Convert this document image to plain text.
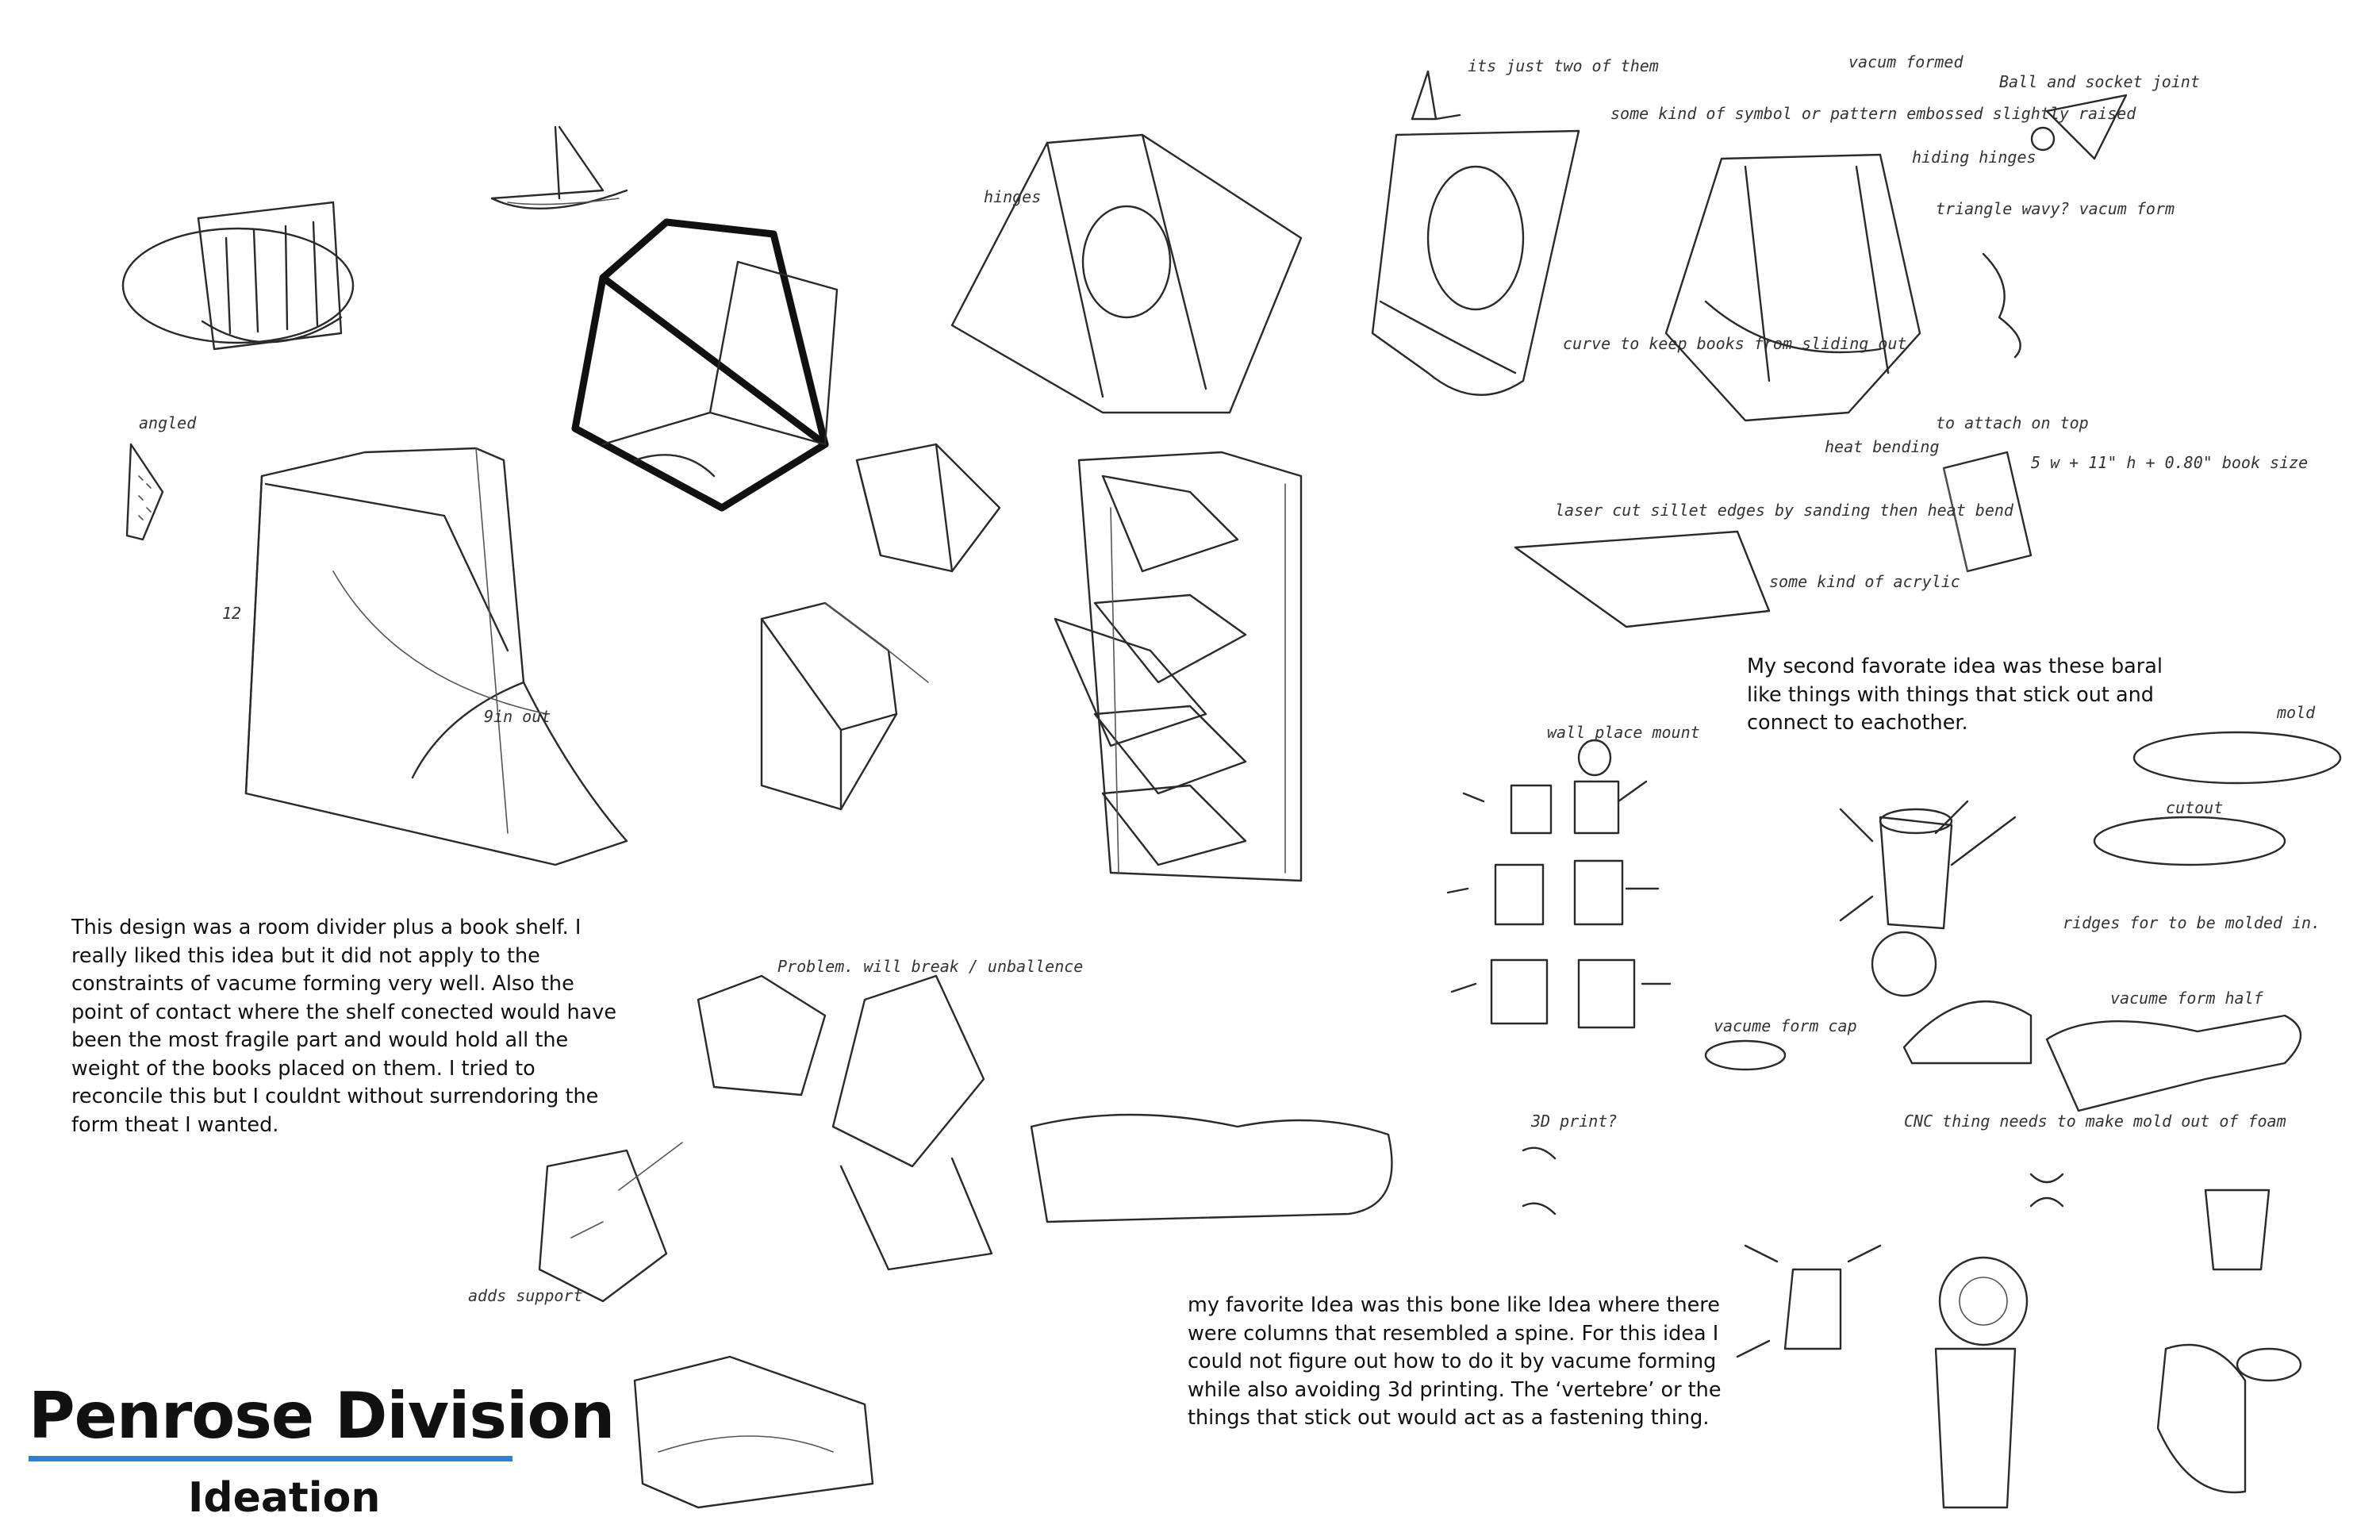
angled
12
9in out
hinges
its just two of them
some kind of symbol or pattern embossed slightly raised
curve to keep books from sliding out
vacum formed
hiding hinges
heat bending
Ball and socket joint
triangle wavy? vacum form
to attach on top
5 w + 11" h + 0.80" book size
laser cut sillet edges by sanding then heat bend
some kind of acrylic
wall place mount
vacume form cap
3D print?
mold
cutout
ridges for to be molded in.
vacume form half
CNC thing needs to make mold out of foam
Problem. will break / unballence
adds support

This design was a room divider plus a book shelf. I really liked this idea but it did not apply to the constraints of vacume forming very well. Also the point of contact where the shelf conected would have been the most fragile part and would hold all the weight of the books placed on them. I tried to reconcile this but I couldnt without surrendoring the form theat I wanted.

My second favorate idea was these baral like things with things that stick out and connect to eachother.

my favorite Idea was this bone like Idea where there were columns that resembled a spine. For this idea I could not figure out how to do it by vacume forming while also avoiding 3d printing. The ‘vertebre’ or the things that stick out would act as a fastening thing.

Penrose Division
Ideation
